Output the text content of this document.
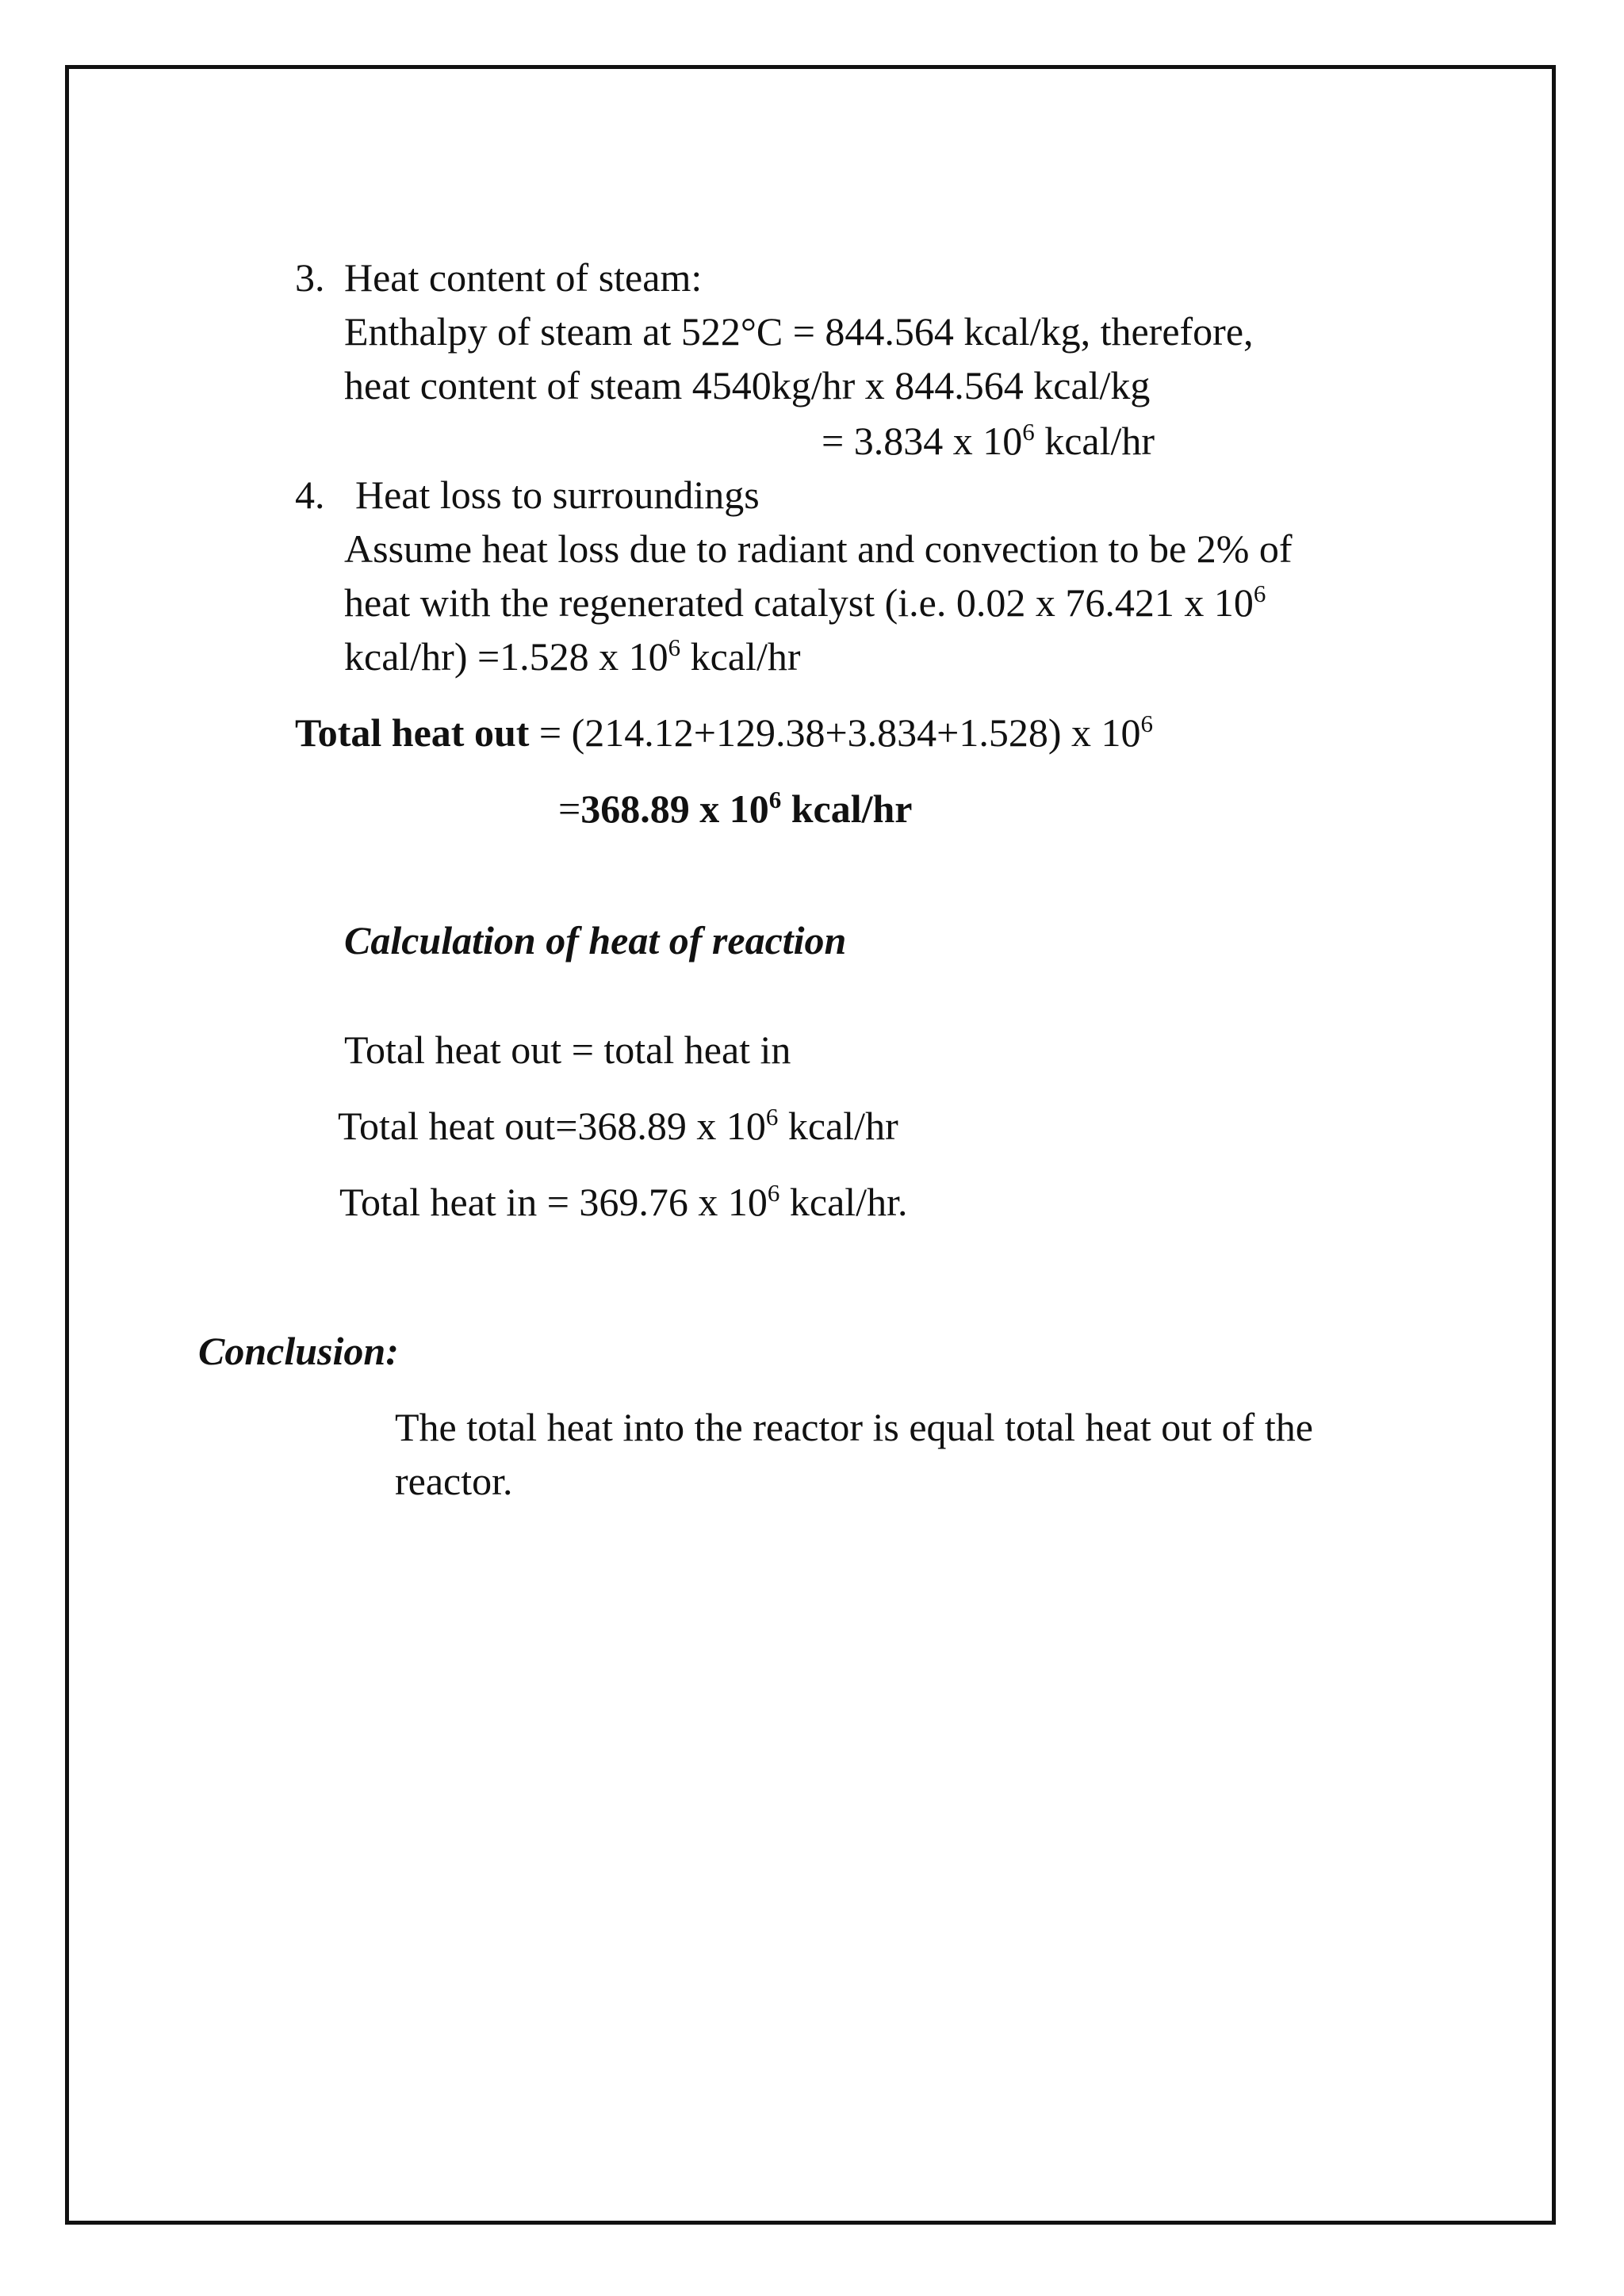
3. Heat content of steam:
Enthalpy of steam at 522°C = 844.564 kcal/kg, therefore,
heat content of steam 4540kg/hr x 844.564 kcal/kg
= 3.834 x $10^6$ kcal/hr
4. Heat loss to surroundings
Assume heat loss due to radiant and convection to be 2% of
heat with the regenerated catalyst (i.e. 0.02 x 76.421 x $10^6$
kcal/hr) =1.528 x $10^6$ kcal/hr
Total heat out = (214.12+129.38+3.834+1.528) x $10^6$
=368.89 x $10^6$ kcal/hr
Calculation of heat of reaction
Total heat out = total heat in
Total heat out=368.89 x $10^6$ kcal/hr
Total heat in = 369.76 x $10^6$ kcal/hr.
Conclusion:
The total heat into the reactor is equal total heat out of the
reactor.
